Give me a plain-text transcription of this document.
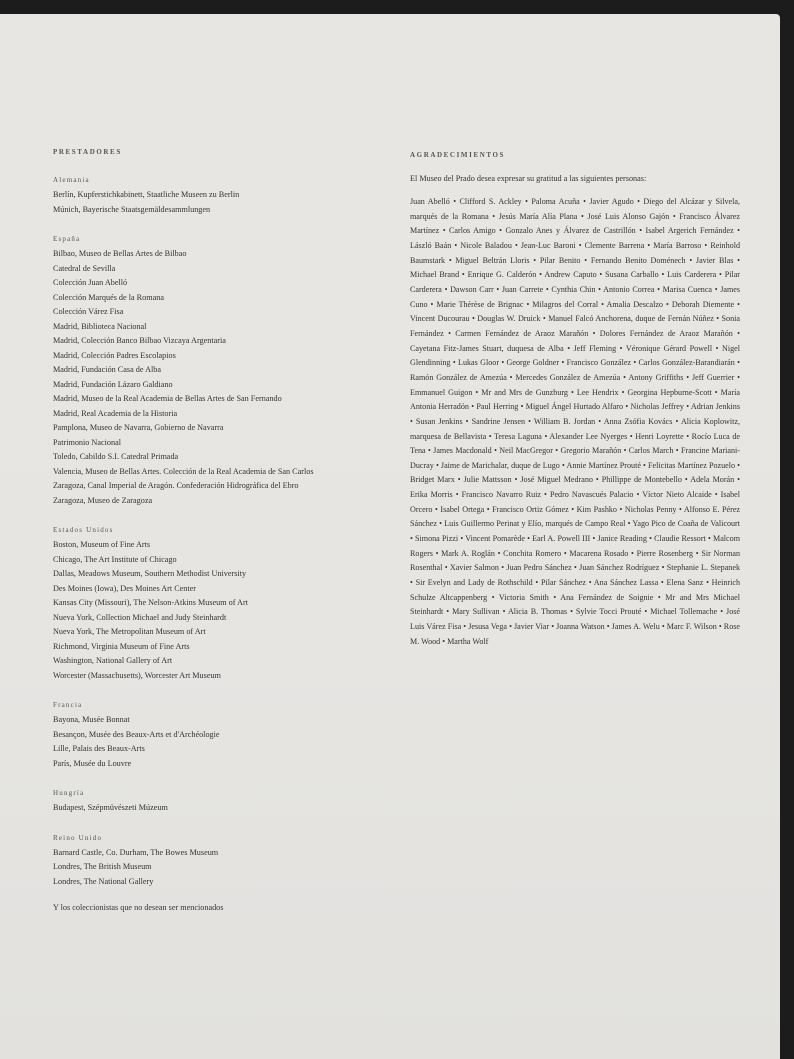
PRESTADORES
Alemania
Berlín, Kupferstichkabinett, Staatliche Museen zu Berlin
Múnich, Bayerische Staatsgemäldesammlungen
España
Bilbao, Museo de Bellas Artes de Bilbao
Catedral de Sevilla
Colección Juan Abelló
Colección Marqués de la Romana
Colección Várez Fisa
Madrid, Biblioteca Nacional
Madrid, Colección Banco Bilbao Vizcaya Argentaria
Madrid, Colección Padres Escolapios
Madrid, Fundación Casa de Alba
Madrid, Fundación Lázaro Galdiano
Madrid, Museo de la Real Academia de Bellas Artes de San Fernando
Madrid, Real Academia de la Historia
Pamplona, Museo de Navarra, Gobierno de Navarra
Patrimonio Nacional
Toledo, Cabildo S.I. Catedral Primada
Valencia, Museo de Bellas Artes. Colección de la Real Academia de San Carlos
Zaragoza, Canal Imperial de Aragón. Confederación Hidrográfica del Ebro
Zaragoza, Museo de Zaragoza
Estados Unidos
Boston, Museum of Fine Arts
Chicago, The Art Institute of Chicago
Dallas, Meadows Museum, Southern Methodist University
Des Moines (Iowa), Des Moines Art Center
Kansas City (Missouri), The Nelson-Atkins Museum of Art
Nueva York, Collection Michael and Judy Steinhardt
Nueva York, The Metropolitan Museum of Art
Richmond, Virginia Museum of Fine Arts
Washington, National Gallery of Art
Worcester (Massachusetts), Worcester Art Museum
Francia
Bayona, Musée Bonnat
Besançon, Musée des Beaux-Arts et d'Archéologie
Lille, Palais des Beaux-Arts
París, Musée du Louvre
Hungría
Budapest, Szépmüvészeti Múzeum
Reino Unido
Barnard Castle, Co. Durham, The Bowes Museum
Londres, The British Museum
Londres, The National Gallery
Y los coleccionistas que no desean ser mencionados
AGRADECIMIENTOS

El Museo del Prado desea expresar su gratitud a las siguientes personas:

Juan Abelló • Clifford S. Ackley • Paloma Acuña • Javier Agudo • Diego del Alcázar y Silvela, marqués de la Romana • Jesús María Alía Plana • José Luis Alonso Gajón • Francisco Álvarez Martínez • Carlos Amigo • Gonzalo Anes y Álvarez de Castrillón • Isabel Argerich Fernández • László Baán • Nicole Baladou • Jean-Luc Baroni • Clemente Barrena • María Barroso • Reinhold Baumstark • Miguel Beltrán Lloris • Pilar Benito • Fernando Benito Doménech • Javier Blas • Michael Brand • Enrique G. Calderón • Andrew Caputo • Susana Carballo • Luis Carderera • Pilar Carderera • Dawson Carr • Juan Carrete • Cynthia Chin • Antonio Correa • Marisa Cuenca • James Cuno • Marie Thérèse de Brignac • Milagros del Corral • Amalia Descalzo • Deborah Diemente • Vincent Ducourau • Douglas W. Druick • Manuel Falcó Anchorena, duque de Fernán Núñez • Sonia Fernández • Carmen Fernández de Araoz Marañón • Dolores Fernández de Araoz Marañón • Cayetana Fitz-James Stuart, duquesa de Alba • Jeff Fleming • Véronique Gérard Powell • Nigel Glendinning • Lukas Gloor • George Goldner • Francisco González • Carlos González-Barandiarán • Ramón González de Amezúa • Mercedes González de Amezúa • Antony Griffiths • Jeff Guerrier • Emmanuel Guigon • Mr and Mrs de Gunzburg • Lee Hendrix • Georgina Hepburne-Scott • María Antonia Herradón • Paul Herring • Miguel Ángel Hurtado Alfaro • Nicholas Jeffrey • Adrian Jenkins • Susan Jenkins • Sandrine Jensen • William B. Jordan • Anna Zsófia Kovács • Alicia Koplowitz, marquesa de Bellavista • Teresa Laguna • Alexander Lee Nyerges • Henri Loyrette • Rocío Luca de Tena • James Macdonald • Neil MacGregor • Gregorio Marañón • Carlos March • Francine Mariani-Ducray • Jaime de Marichalar, duque de Lugo • Annie Martínez Prouté • Felicitas Martínez Pozuelo • Bridget Marx • Julie Mattsson • José Miguel Medrano • Phillippe de Montebello • Adela Morán • Erika Morris • Francisco Navarro Ruiz • Pedro Navascués Palacio • Víctor Nieto Alcaide • Isabel Orcero • Isabel Ortega • Francisco Ortiz Gómez • Kim Pashko • Nicholas Penny • Alfonso E. Pérez Sánchez • Luis Guillermo Perinat y Elío, marqués de Campo Real • Yago Pico de Coaña de Valicourt • Simona Pizzi • Vincent Pomarède • Earl A. Powell III • Janice Reading • Claudie Ressort • Malcom Rogers • Mark A. Roglán • Conchita Romero • Macarena Rosado • Pierre Rosenberg • Sir Norman Rosenthal • Xavier Salmon • Juan Pedro Sánchez • Juan Sánchez Rodríguez • Stephanie L. Stepanek • Sir Evelyn and Lady de Rothschild • Pilar Sánchez • Ana Sánchez Lassa • Elena Sanz • Heinrich Schulze Altcappenberg • Victoria Smith • Ana Fernández de Soignie • Mr and Mrs Michael Steinhardt • Mary Sullivan • Alicia B. Thomas • Sylvie Tocci Prouté • Michael Tollemache • José Luis Várez Fisa • Jesusa Vega • Javier Viar • Joanna Watson • James A. Welu • Marc F. Wilson • Rose M. Wood • Martha Wolf
